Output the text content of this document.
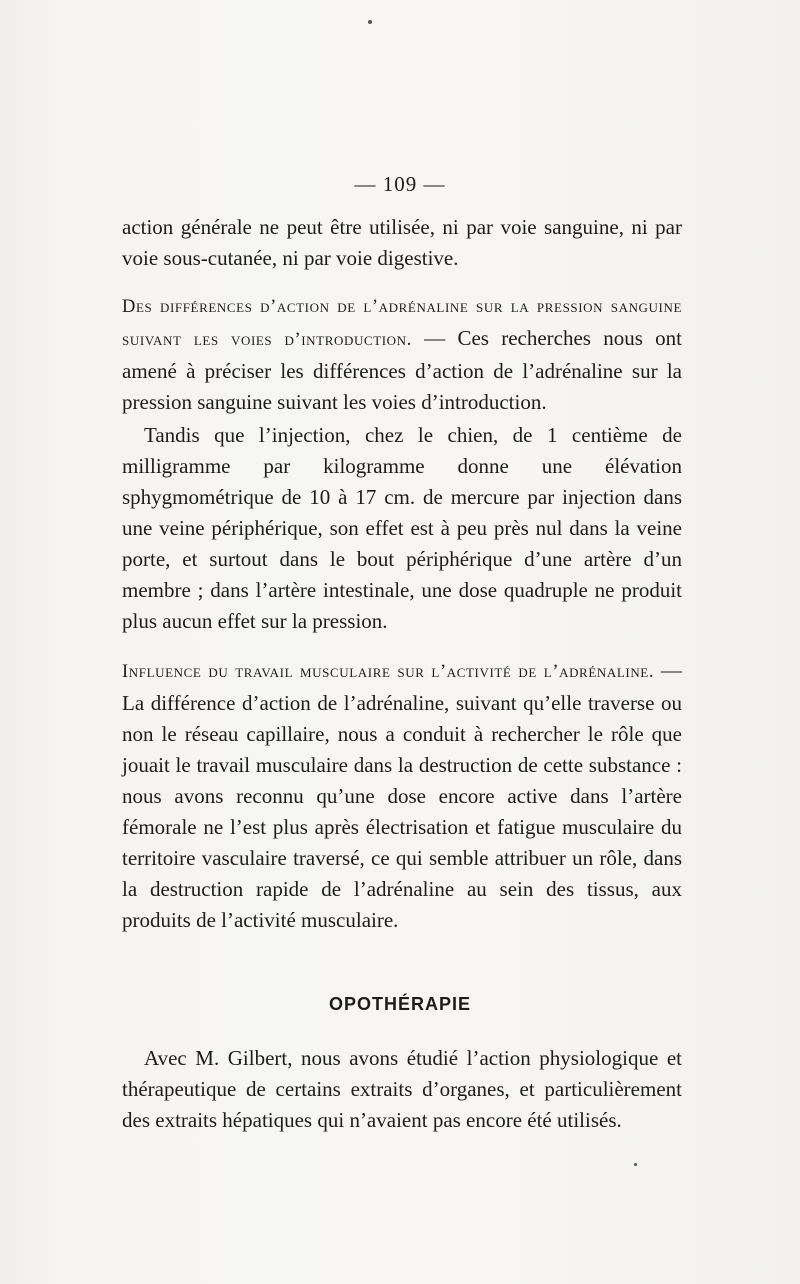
— 109 —

action générale ne peut être utilisée, ni par voie sanguine, ni par voie sous-cutanée, ni par voie digestive.

Des différences d’action de l’adrénaline sur la pression sanguine suivant les voies d’introduction. — Ces recherches nous ont amené à préciser les différences d’action de l’adrénaline sur la pression sanguine suivant les voies d’introduction.

Tandis que l’injection, chez le chien, de 1 centième de milligramme par kilogramme donne une élévation sphygmométrique de 10 à 17 cm. de mercure par injection dans une veine périphérique, son effet est à peu près nul dans la veine porte, et surtout dans le bout périphérique d’une artère d’un membre ; dans l’artère intestinale, une dose quadruple ne produit plus aucun effet sur la pression.

Influence du travail musculaire sur l’activité de l’adrénaline. — La différence d’action de l’adrénaline, suivant qu’elle traverse ou non le réseau capillaire, nous a conduit à rechercher le rôle que jouait le travail musculaire dans la destruction de cette substance : nous avons reconnu qu’une dose encore active dans l’artère fémorale ne l’est plus après électrisation et fatigue musculaire du territoire vasculaire traversé, ce qui semble attribuer un rôle, dans la destruction rapide de l’adrénaline au sein des tissus, aux produits de l’activité musculaire.

OPOTHÉRAPIE

Avec M. Gilbert, nous avons étudié l’action physiologique et thérapeutique de certains extraits d’organes, et particulièrement des extraits hépatiques qui n’avaient pas encore été utilisés.
